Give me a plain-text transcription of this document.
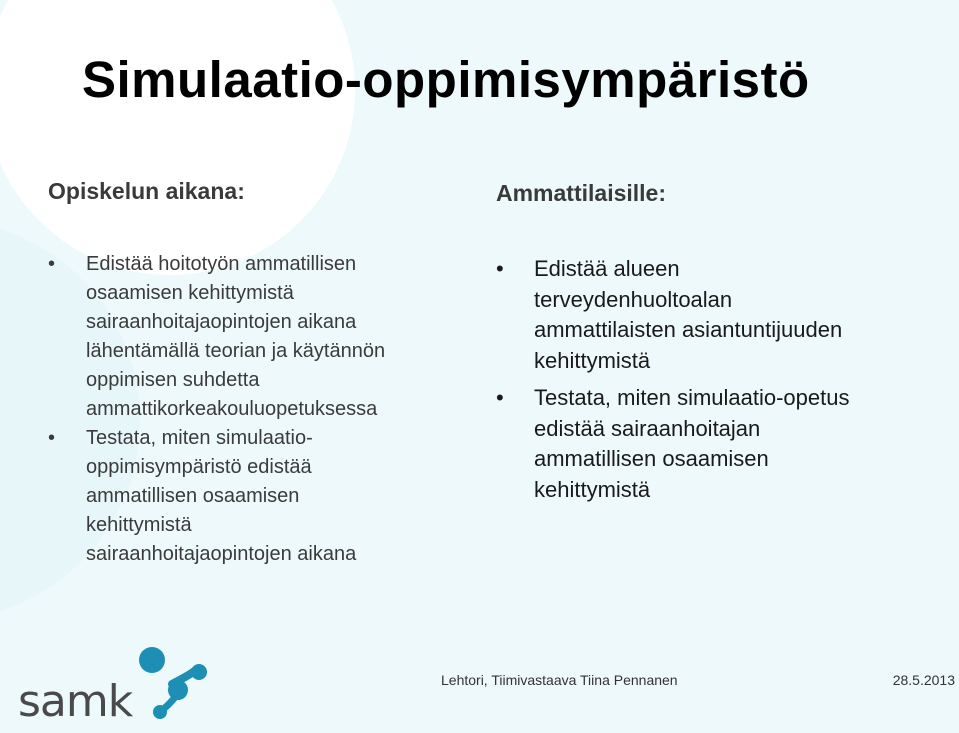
Simulaatio-oppimisympäristö
Opiskelun aikana:
• Edistää hoitotyön ammatillisen
osaamisen kehittymistä
sairaanhoitajaopintojen aikana
lähentämällä teorian ja käytännön
oppimisen suhdetta
ammattikorkeakouluopetuksessa
• Testata, miten simulaatio-
oppimisympäristö edistää
ammatillisen osaamisen
kehittymistä
sairaanhoitajaopintojen aikana
Ammattilaisille:
• Edistää alueen
terveydenhuoltoalan
ammattilaisten asiantuntijuuden
kehittymistä
• Testata, miten simulaatio-opetus
edistää sairaanhoitajan
ammatillisen osaamisen
kehittymistä
samk	Lehtori, Tiimivastaava Tiina Pennanen	28.5.2013
